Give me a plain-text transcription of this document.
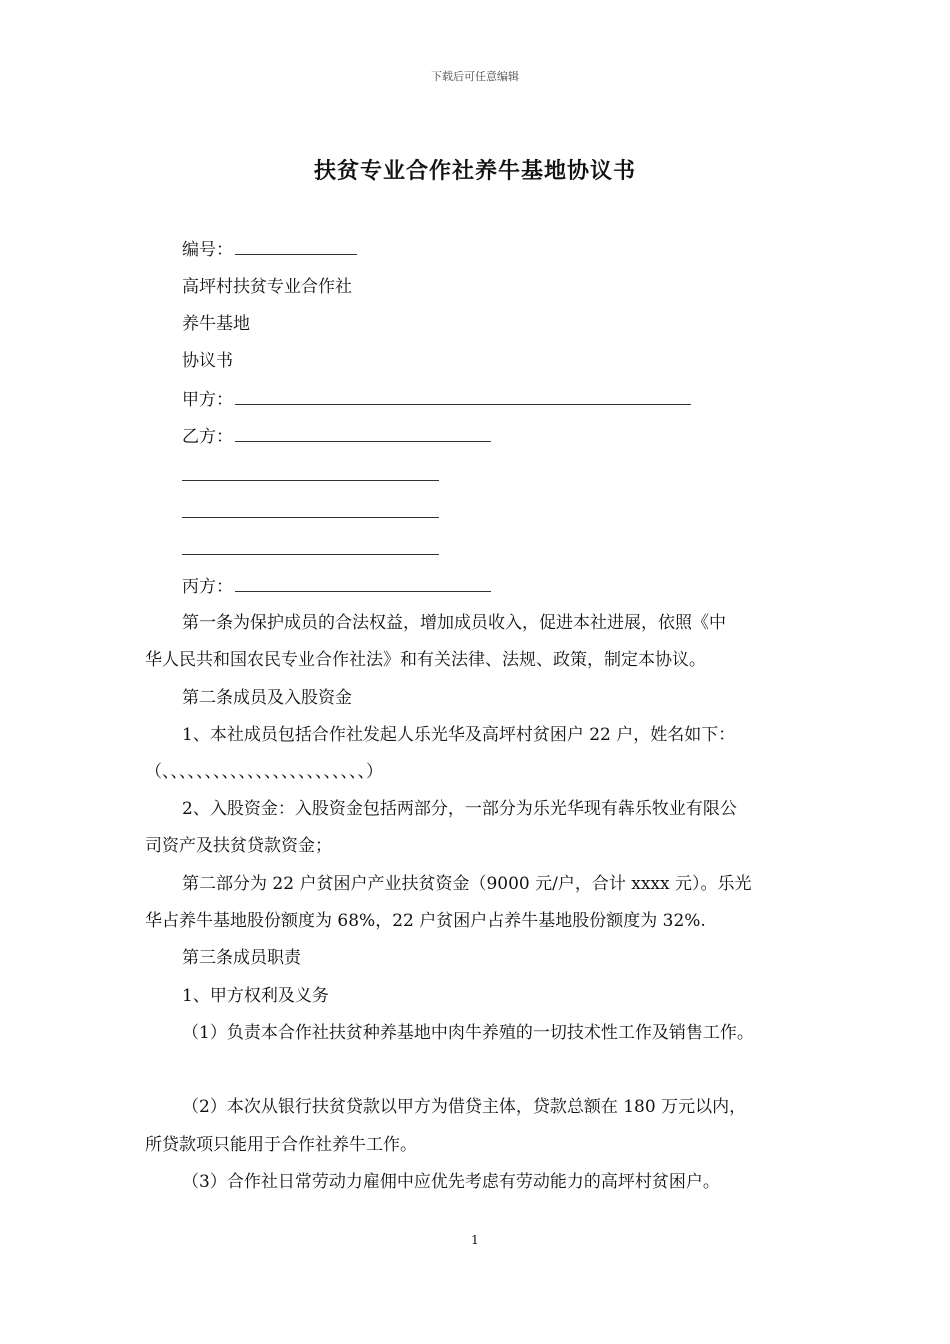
下载后可任意编辑
扶贫专业合作社养牛基地协议书
编号：
高坪村扶贫专业合作社
养牛基地
协议书
甲方：
乙方：
丙方：
第一条为保护成员的合法权益，增加成员收入，促进本社进展，依照《中
华人民共和国农民专业合作社法》和有关法律、法规、政策，制定本协议。
第二条成员及入股资金
1、本社成员包括合作社发起人乐光华及高坪村贫困户 22 户，姓名如下：
（、、、、、、、、、、、、、、、、、、、、、、、、）
2、入股资金：入股资金包括两部分，一部分为乐光华现有犇乐牧业有限公
司资产及扶贫贷款资金；
第二部分为 22 户贫困户产业扶贫资金（9000 元/户，合计 xxxx 元）。乐光
华占养牛基地股份额度为 68%，22 户贫困户占养牛基地股份额度为 32%.
第三条成员职责
1、甲方权利及义务
（1）负责本合作社扶贫种养基地中肉牛养殖的一切技术性工作及销售工作。
（2）本次从银行扶贫贷款以甲方为借贷主体，贷款总额在 180 万元以内，
所贷款项只能用于合作社养牛工作。
（3）合作社日常劳动力雇佣中应优先考虑有劳动能力的高坪村贫困户。
1
